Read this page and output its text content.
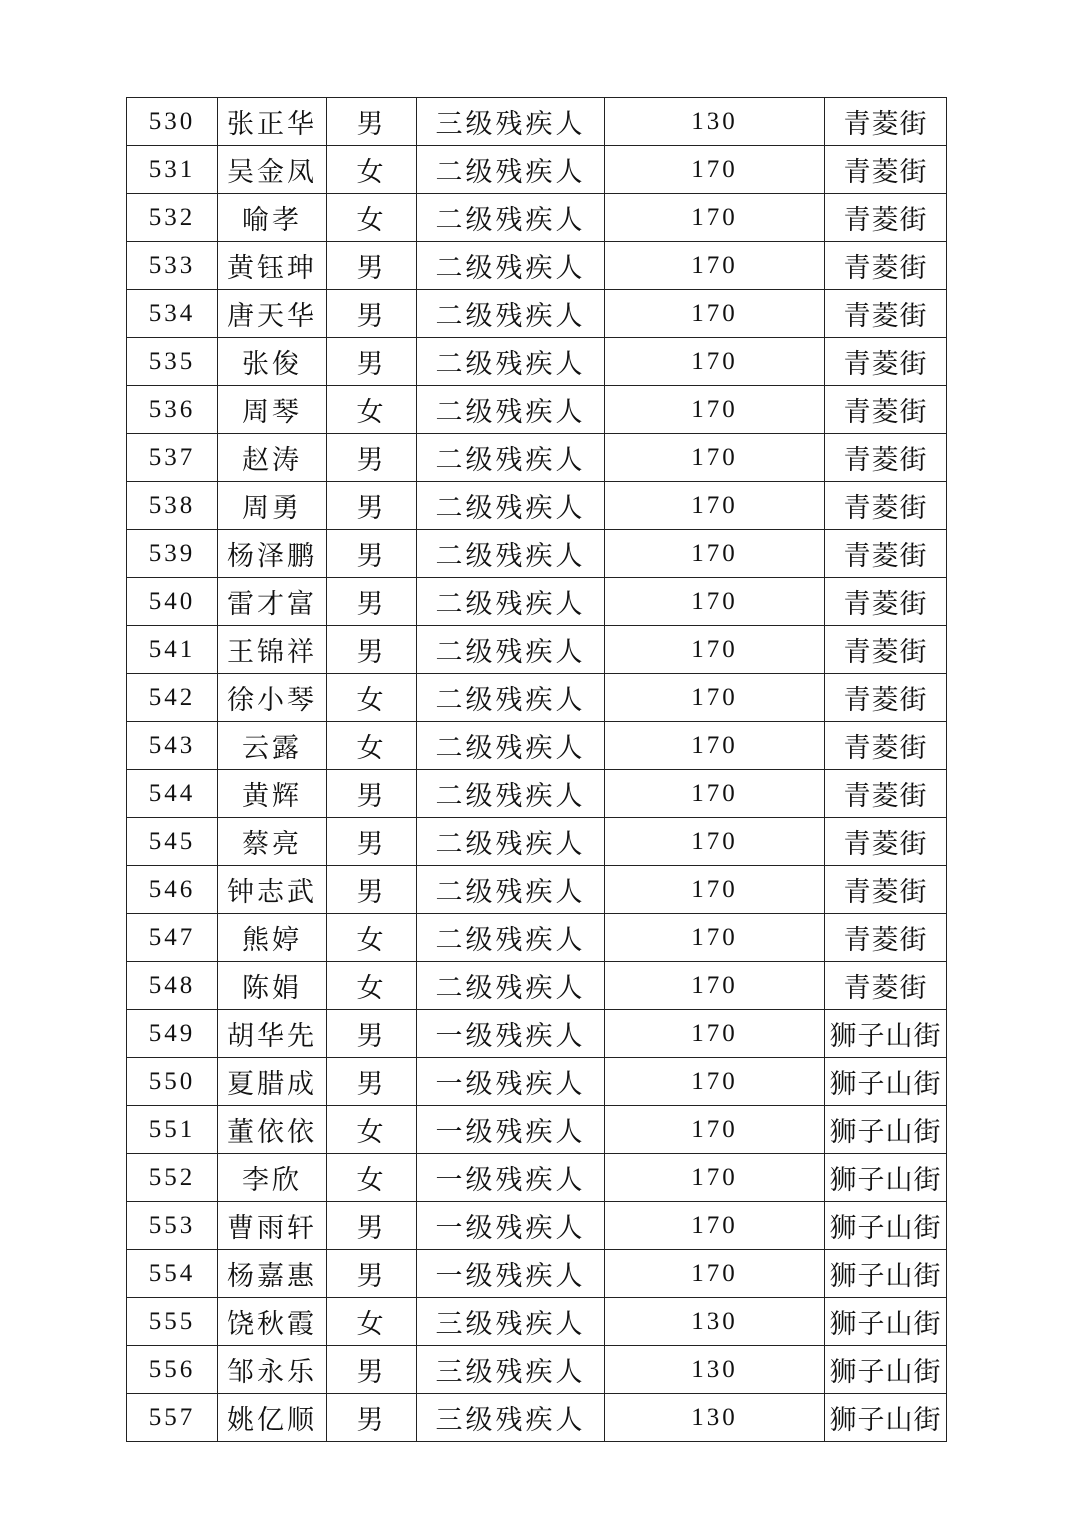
530	张正华	男	三级残疾人	130	青菱街
531	吴金凤	女	二级残疾人	170	青菱街
532	喻孝	女	二级残疾人	170	青菱街
533	黄钰珅	男	二级残疾人	170	青菱街
534	唐天华	男	二级残疾人	170	青菱街
535	张俊	男	二级残疾人	170	青菱街
536	周琴	女	二级残疾人	170	青菱街
537	赵涛	男	二级残疾人	170	青菱街
538	周勇	男	二级残疾人	170	青菱街
539	杨泽鹏	男	二级残疾人	170	青菱街
540	雷才富	男	二级残疾人	170	青菱街
541	王锦祥	男	二级残疾人	170	青菱街
542	徐小琴	女	二级残疾人	170	青菱街
543	云露	女	二级残疾人	170	青菱街
544	黄辉	男	二级残疾人	170	青菱街
545	蔡亮	男	二级残疾人	170	青菱街
546	钟志武	男	二级残疾人	170	青菱街
547	熊婷	女	二级残疾人	170	青菱街
548	陈娟	女	二级残疾人	170	青菱街
549	胡华先	男	一级残疾人	170	狮子山街
550	夏腊成	男	一级残疾人	170	狮子山街
551	董依依	女	一级残疾人	170	狮子山街
552	李欣	女	一级残疾人	170	狮子山街
553	曹雨轩	男	一级残疾人	170	狮子山街
554	杨嘉惠	男	一级残疾人	170	狮子山街
555	饶秋霞	女	三级残疾人	130	狮子山街
556	邹永乐	男	三级残疾人	130	狮子山街
557	姚亿顺	男	三级残疾人	130	狮子山街
